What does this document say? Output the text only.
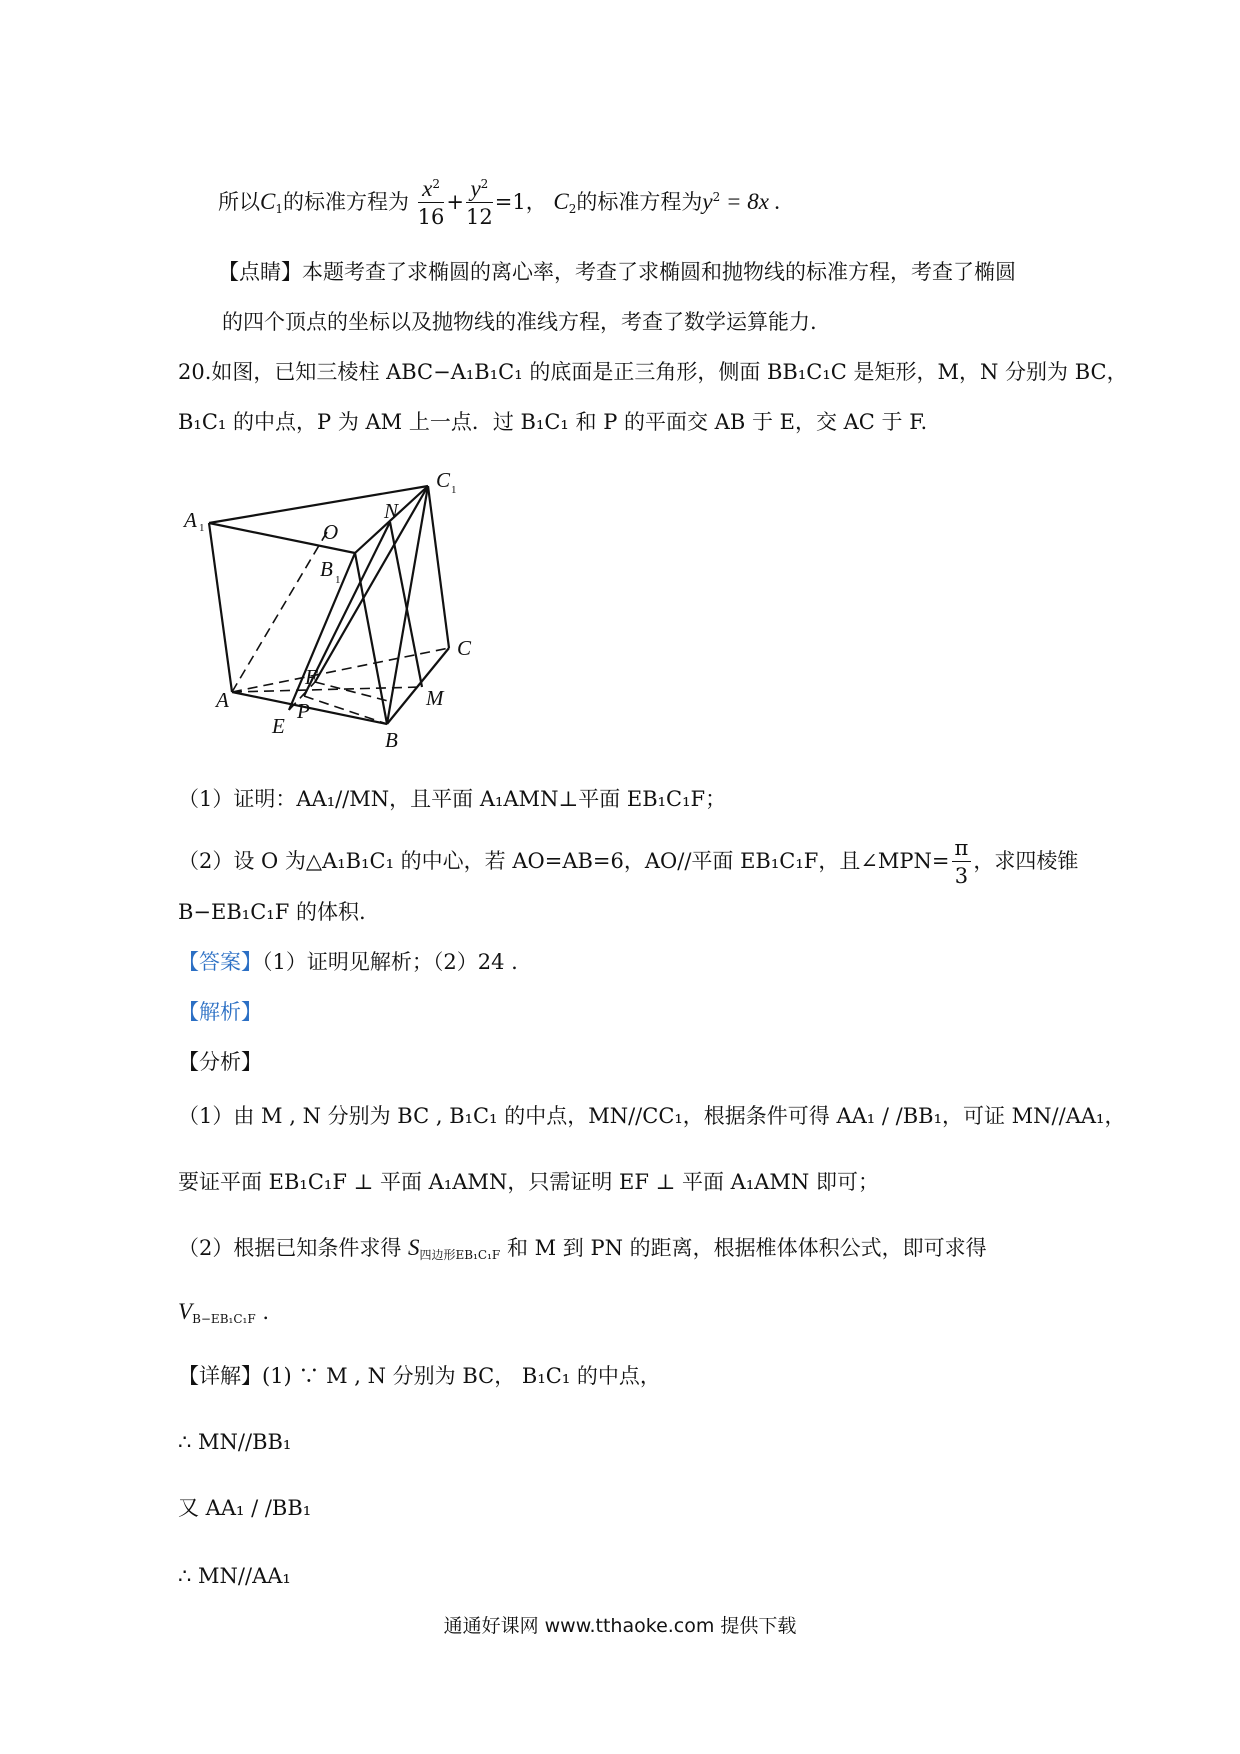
所以$C_1$的标准方程为 $\frac{x^2}{16} + \frac{y^2}{12} =1$， $C_2$的标准方程为$y^2 = 8x$ .
【点睛】本题考查了求椭圆的离心率，考查了求椭圆和抛物线的标准方程，考查了椭圆
的四个顶点的坐标以及抛物线的准线方程，考查了数学运算能力.
20.如图，已知三棱柱 ABC−A₁B₁C₁ 的底面是正三角形，侧面 BB₁C₁C 是矩形，M，N 分别为 BC，
B₁C₁ 的中点，P 为 AM 上一点．过 B₁C₁ 和 P 的平面交 AB 于 E，交 AC 于 F.
A 1
C 1
N
O
B 1
C
F
A	P
M
E
B
（1）证明：AA₁//MN，且平面 A₁AMN⊥平面 EB₁C₁F；
（2）设 O 为△A₁B₁C₁ 的中心，若 AO=AB=6，AO//平面 EB₁C₁F，且∠MPN= $\frac{\pi}{3}$ ，求四棱锥
B−EB₁C₁F 的体积.
【答案】（1）证明见解析；（2）24 .
【解析】
【分析】
（1）由 M , N 分别为 BC , B₁C₁ 的中点，MN//CC₁，根据条件可得 AA₁ / /BB₁，可证 MN//AA₁，
要证平面 EB₁C₁F ⊥ 平面 A₁AMN，只需证明 EF ⊥ 平面 A₁AMN 即可；
（2）根据已知条件求得 $S_{四边形EB_1C_1F}$ 和 M 到 PN 的距离，根据椎体体积公式，即可求得
$V_{B-EB_1C_1F}$ .
【详解】(1) ∵ M , N 分别为 BC， B₁C₁ 的中点，
∴ MN//BB₁
又 AA₁ / /BB₁
∴ MN//AA₁
通通好课网 www.tthaoke.com 提供下载
